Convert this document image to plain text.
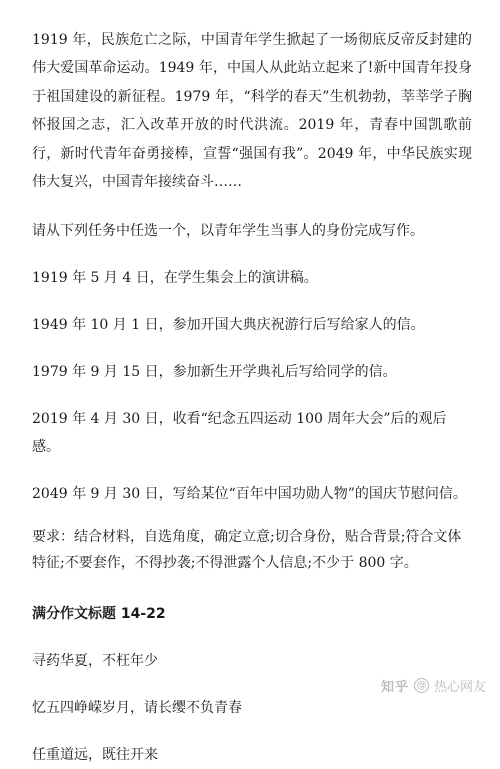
1919 年，民族危亡之际，中国青年学生掀起了一场彻底反帝反封建的伟大爱国革命运动。1949 年，中国人从此站立起来了!新中国青年投身于祖国建设的新征程。1979 年，“科学的春天”生机勃勃，莘莘学子胸怀报国之志，汇入改革开放的时代洪流。2019 年，青春中国凯歌前行，新时代青年奋勇接棒，宣誓“强国有我”。2049 年，中华民族实现伟大复兴，中国青年接续奋斗……

请从下列任务中任选一个，以青年学生当事人的身份完成写作。

1919 年 5 月 4 日，在学生集会上的演讲稿。

1949 年 10 月 1 日，参加开国大典庆祝游行后写给家人的信。

1979 年 9 月 15 日，参加新生开学典礼后写给同学的信。

2019 年 4 月 30 日，收看“纪念五四运动 100 周年大会”后的观后感。

2049 年 9 月 30 日，写给某位“百年中国功勋人物”的国庆节慰问信。

要求：结合材料，自选角度，确定立意;切合身份，贴合背景;符合文体特征;不要套作，不得抄袭;不得泄露个人信息;不少于 800 字。

满分作文标题 14-22

寻药华夏，不枉年少

忆五四峥嵘岁月，请长缨不负青春

任重道远，既往开来

知乎 @ 热心网友
